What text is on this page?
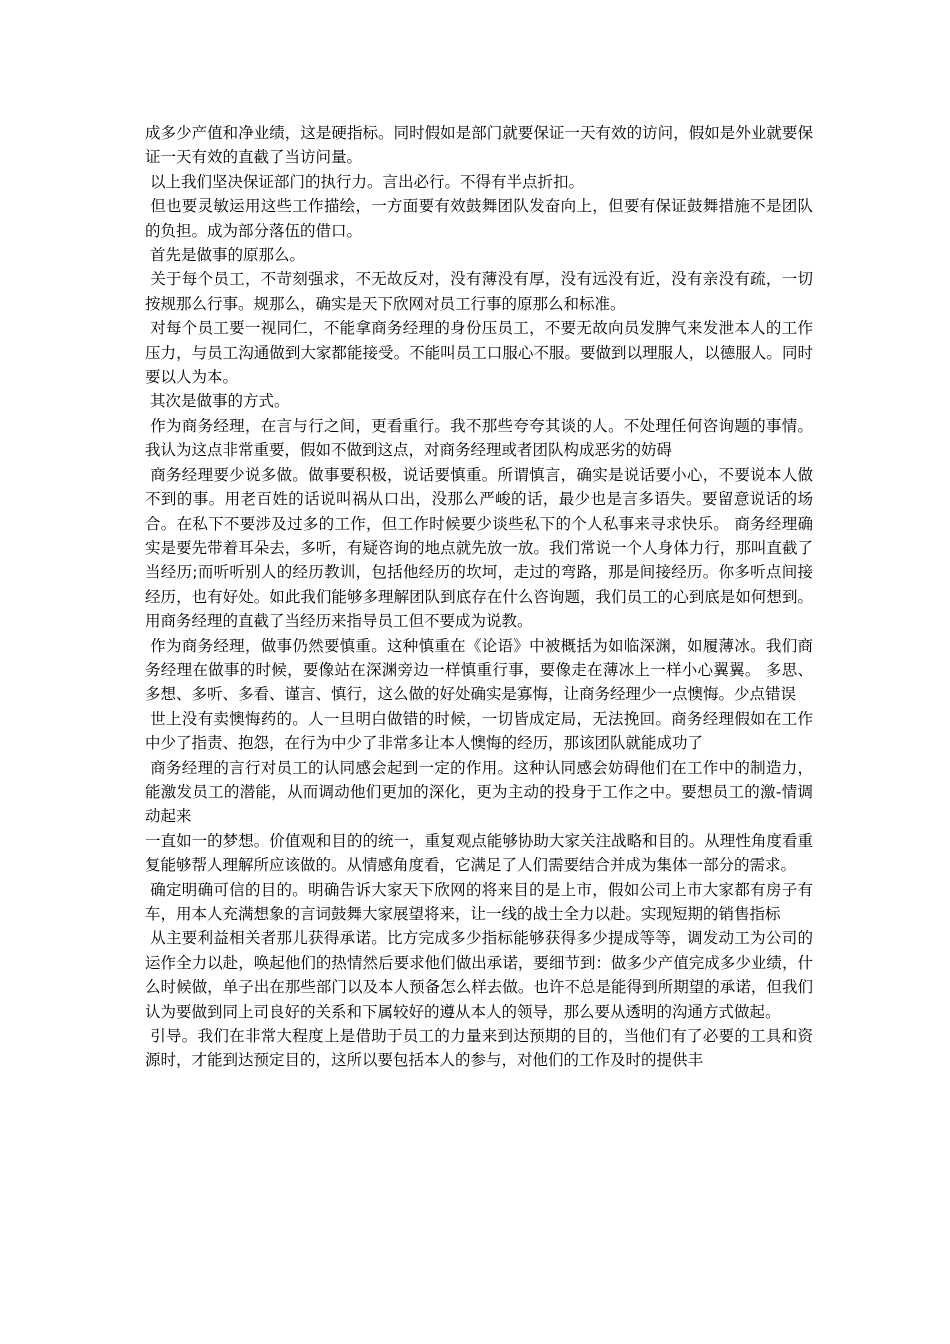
成多少产值和净业绩，这是硬指标。同时假如是部门就要保证一天有效的访问，假如是外业就要保证一天有效的直截了当访问量。

以上我们坚决保证部门的执行力。言出必行。不得有半点折扣。

但也要灵敏运用这些工作描绘，一方面要有效鼓舞团队发奋向上，但要有保证鼓舞措施不是团队的负担。成为部分落伍的借口。

首先是做事的原那么。

关于每个员工，不苛刻强求，不无故反对，没有薄没有厚，没有远没有近，没有亲没有疏，一切按规那么行事。规那么，确实是天下欣网对员工行事的原那么和标准。

对每个员工要一视同仁，不能拿商务经理的身份压员工，不要无故向员发脾气来发泄本人的工作压力，与员工沟通做到大家都能接受。不能叫员工口服心不服。要做到以理服人，以德服人。同时要以人为本。

其次是做事的方式。

作为商务经理，在言与行之间，更看重行。我不那些夸夸其谈的人。不处理任何咨询题的事情。我认为这点非常重要，假如不做到这点，对商务经理或者团队构成恶劣的妨碍

商务经理要少说多做。做事要积极，说话要慎重。所谓慎言，确实是说话要小心，不要说本人做不到的事。用老百姓的话说叫祸从口出，没那么严峻的话，最少也是言多语失。要留意说话的场合。在私下不要涉及过多的工作，但工作时候要少谈些私下的个人私事来寻求快乐。 商务经理确实是要先带着耳朵去，多听，有疑咨询的地点就先放一放。我们常说一个人身体力行，那叫直截了当经历;而听听别人的经历教训，包括他经历的坎坷，走过的弯路，那是间接经历。你多听点间接经历，也有好处。如此我们能够多理解团队到底存在什么咨询题，我们员工的心到底是如何想到。用商务经理的直截了当经历来指导员工但不要成为说教。

作为商务经理，做事仍然要慎重。这种慎重在《论语》中被概括为如临深渊，如履薄冰。我们商务经理在做事的时候，要像站在深渊旁边一样慎重行事，要像走在薄冰上一样小心翼翼。 多思、多想、多听、多看、谨言、慎行，这么做的好处确实是寡悔，让商务经理少一点懊悔。少点错误

世上没有卖懊悔药的。人一旦明白做错的时候，一切皆成定局，无法挽回。商务经理假如在工作中少了指责、抱怨，在行为中少了非常多让本人懊悔的经历，那该团队就能成功了

商务经理的言行对员工的认同感会起到一定的作用。这种认同感会妨碍他们在工作中的制造力，能激发员工的潜能，从而调动他们更加的深化，更为主动的投身于工作之中。要想员工的激-情调动起来

一直如一的梦想。价值观和目的的统一，重复观点能够协助大家关注战略和目的。从理性角度看重复能够帮人理解所应该做的。从情感角度看，它满足了人们需要结合并成为集体一部分的需求。

确定明确可信的目的。明确告诉大家天下欣网的将来目的是上市，假如公司上市大家都有房子有车，用本人充满想象的言词鼓舞大家展望将来，让一线的战士全力以赴。实现短期的销售指标

从主要利益相关者那儿获得承诺。比方完成多少指标能够获得多少提成等等，调发动工为公司的运作全力以赴，唤起他们的热情然后要求他们做出承诺，要细节到：做多少产值完成多少业绩，什么时候做，单子出在那些部门以及本人预备怎么样去做。也许不总是能得到所期望的承诺，但我们认为要做到同上司良好的关系和下属较好的遵从本人的领导，那么要从透明的沟通方式做起。

引导。我们在非常大程度上是借助于员工的力量来到达预期的目的，当他们有了必要的工具和资源时，才能到达预定目的，这所以要包括本人的参与，对他们的工作及时的提供丰
